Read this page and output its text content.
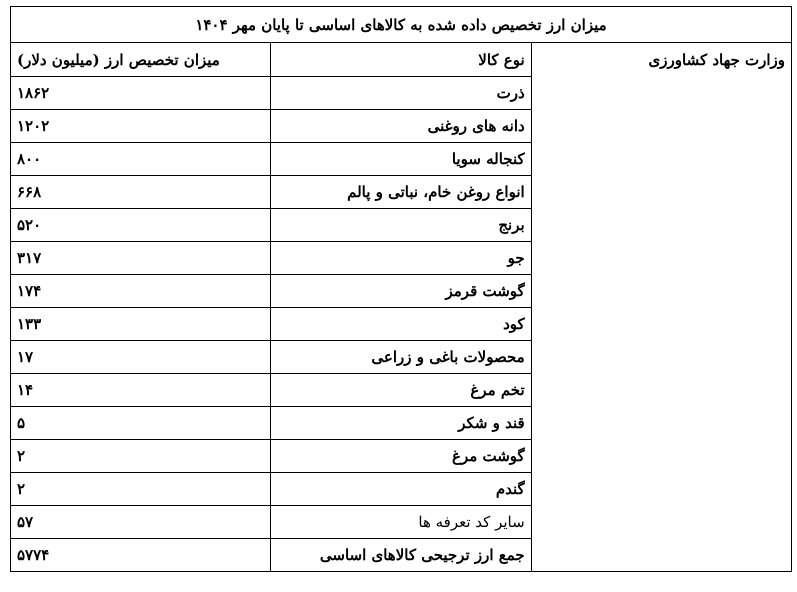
میزان ارز تخصیص داده شده به کالاهای اساسی تا پایان مهر ۱۴۰۴		
وزارت جهاد کشاورزی	نوع کالا	میزان تخصیص ارز (میلیون دلار)
	ذرت	۱۸۶۲
	دانه های روغنی	۱۲۰۲
	کنجاله سویا	۸۰۰
	انواع روغن خام، نباتی و پالم	۶۶۸
	برنج	۵۲۰
	جو	۳۱۷
	گوشت قرمز	۱۷۴
	کود	۱۳۳
	محصولات باغی و زراعی	۱۷
	تخم مرغ	۱۴
	قند و شکر	۵
	گوشت مرغ	۲
	گندم	۲
	سایر کد تعرفه ها	۵۷
	جمع ارز ترجیحی کالاهای اساسی	۵۷۷۴
